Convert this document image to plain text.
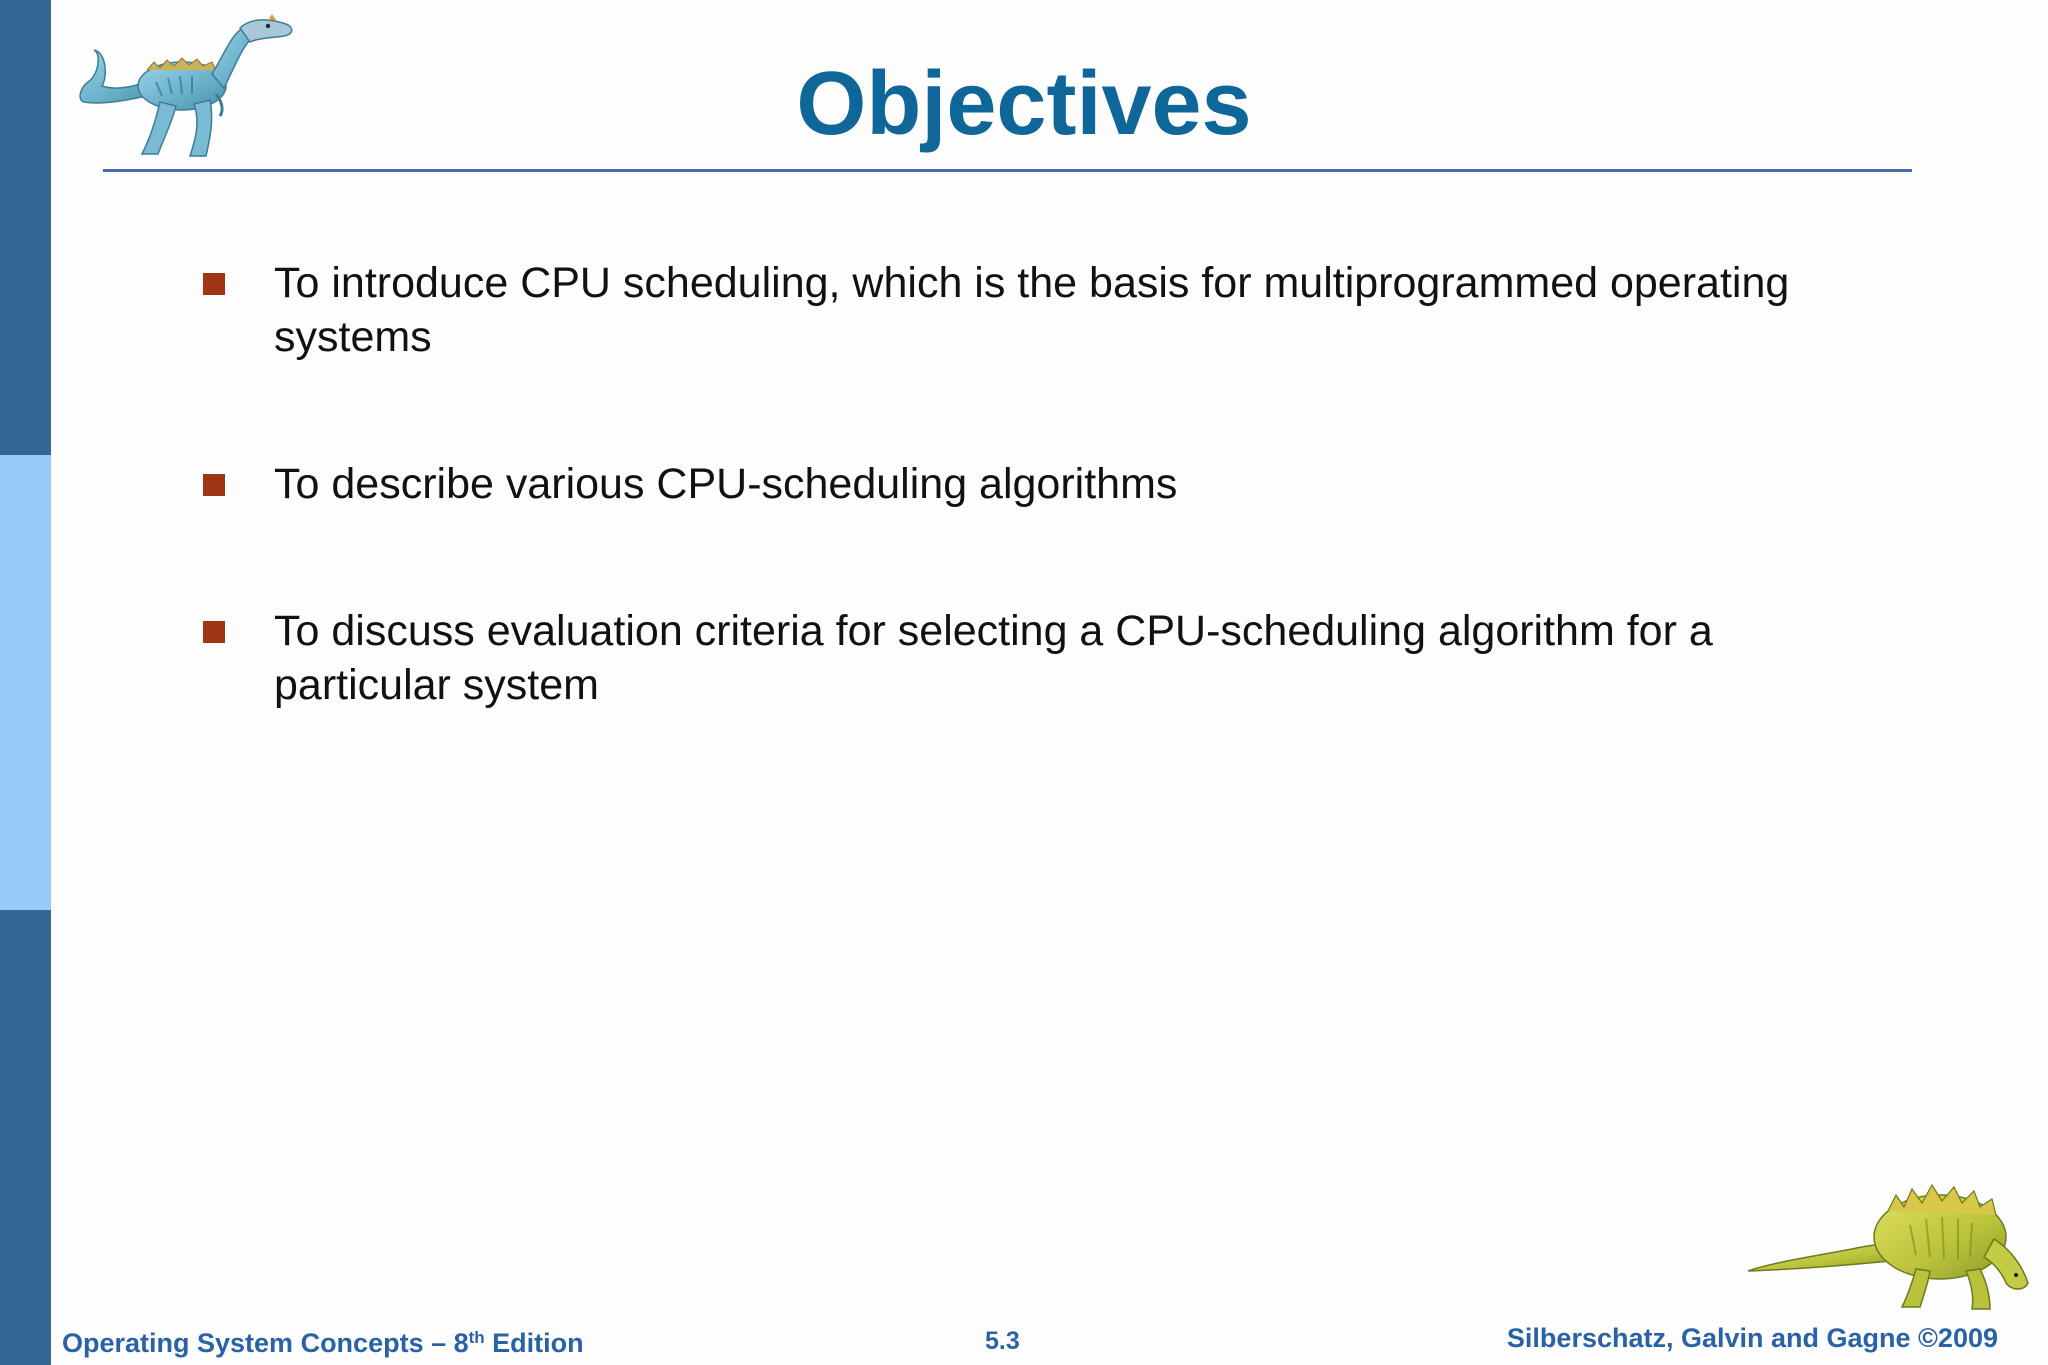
Objectives
To introduce CPU scheduling, which is the basis for multiprogrammed operating systems
To describe various CPU-scheduling algorithms
To discuss evaluation criteria for selecting a CPU-scheduling algorithm for a particular system
Operating System Concepts – 8th Edition	5.3	Silberschatz, Galvin and Gagne ©2009
